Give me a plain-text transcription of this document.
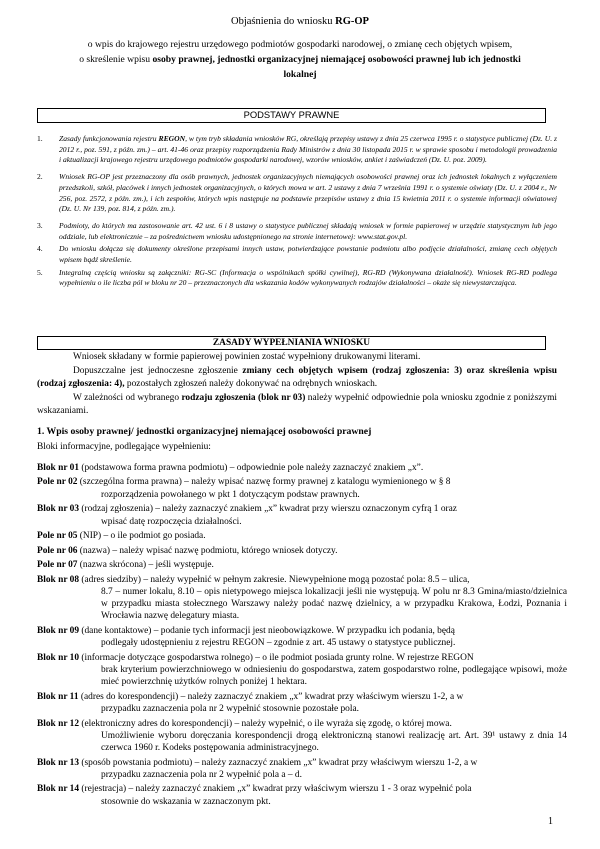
Objaśnienia do wniosku RG-OP
o wpis do krajowego rejestru urzędowego podmiotów gospodarki narodowej, o zmianę cech objętych wpisem,
o skreślenie wpisu osoby prawnej, jednostki organizacyjnej niemającej osobowości prawnej lub ich jednostki
lokalnej
PODSTAWY PRAWNE
1. Zasady funkcjonowania rejestru REGON, w tym tryb składania wniosków RG, określają przepisy ustawy z dnia 25 czerwca 1995 r. o statystyce publicznej (Dz. U. z 2012 r., poz. 591, z późn. zm.) – art. 41-46 oraz przepisy rozporządzenia Rady Ministrów z dnia 30 listopada 2015 r. w sprawie sposobu i metodologii prowadzenia i aktualizacji krajowego rejestru urzędowego podmiotów gospodarki narodowej, wzorów wniosków, ankiet i zaświadczeń (Dz. U. poz. 2009).
2. Wniosek RG-OP jest przeznaczony dla osób prawnych, jednostek organizacyjnych niemających osobowości prawnej oraz ich jednostek lokalnych z wyłączeniem przedszkoli, szkół, placówek i innych jednostek organizacyjnych, o których mowa w art. 2 ustawy z dnia 7 września 1991 r. o systemie oświaty (Dz. U. z 2004 r., Nr 256, poz. 2572, z późn. zm.), i ich zespołów, których wpis następuje na podstawie przepisów ustawy z dnia 15 kwietnia 2011 r. o systemie informacji oświatowej (Dz. U. Nr 139, poz. 814, z późn. zm.).
3. Podmioty, do których ma zastosowanie art. 42 ust. 6 i 8 ustawy o statystyce publicznej składają wniosek w formie papierowej w urzędzie statystycznym lub jego oddziale, lub elektronicznie – za pośrednictwem wniosku udostępnionego na stronie internetowej: www.stat.gov.pl.
4. Do wniosku dołącza się dokumenty określone przepisami innych ustaw, potwierdzające powstanie podmiotu albo podjęcie działalności, zmianę cech objętych wpisem bądź skreślenie.
5. Integralną częścią wniosku są załączniki: RG-SC (Informacja o wspólnikach spółki cywilnej), RG-RD (Wykonywana działalność). Wniosek RG-RD podlega wypełnieniu o ile liczba pól w bloku nr 20 – przeznaczonych dla wskazania kodów wykonywanych rodzajów działalności – okaże się niewystarczająca.
ZASADY WYPEŁNIANIA WNIOSKU

Wniosek składany w formie papierowej powinien zostać wypełniony drukowanymi literami.

Dopuszczalne jest jednoczesne zgłoszenie zmiany cech objętych wpisem (rodzaj zgłoszenia: 3) oraz skreślenia wpisu (rodzaj zgłoszenia: 4), pozostałych zgłoszeń należy dokonywać na odrębnych wnioskach.

W zależności od wybranego rodzaju zgłoszenia (blok nr 03) należy wypełnić odpowiednie pola wniosku zgodnie z poniższymi wskazaniami.

1. Wpis osoby prawnej/ jednostki organizacyjnej niemającej osobowości prawnej
Bloki informacyjne, podlegające wypełnieniu:
Blok nr 01 (podstawowa forma prawna podmiotu) – odpowiednie pole należy zaznaczyć znakiem „x”.
Pole nr 02 (szczególna forma prawna) – należy wpisać nazwę formy prawnej z katalogu wymienionego w § 8
rozporządzenia powołanego w pkt 1 dotyczącym podstaw prawnych.
Blok nr 03 (rodzaj zgłoszenia) – należy zaznaczyć znakiem „x” kwadrat przy wierszu oznaczonym cyfrą 1 oraz
wpisać datę rozpoczęcia działalności.
Pole nr 05 (NIP) – o ile podmiot go posiada.
Pole nr 06 (nazwa) – należy wpisać nazwę podmiotu, którego wniosek dotyczy.
Pole nr 07 (nazwa skrócona) – jeśli występuje.
Blok nr 08 (adres siedziby) – należy wypełnić w pełnym zakresie. Niewypełnione mogą pozostać pola: 8.5 – ulica,
8.7 – numer lokalu, 8.10 – opis nietypowego miejsca lokalizacji jeśli nie występują. W polu nr 8.3 Gmina/miasto/dzielnica w przypadku miasta stołecznego Warszawy należy podać nazwę dzielnicy, a w przypadku Krakowa, Łodzi, Poznania i Wrocławia nazwę delegatury miasta.
Blok nr 09 (dane kontaktowe) – podanie tych informacji jest nieobowiązkowe. W przypadku ich podania, będą
podlegały udostępnieniu z rejestru REGON – zgodnie z art. 45 ustawy o statystyce publicznej.
Blok nr 10 (informacje dotyczące gospodarstwa rolnego) – o ile podmiot posiada grunty rolne. W rejestrze REGON
brak kryterium powierzchniowego w odniesieniu do gospodarstwa, zatem gospodarstwo rolne, podlegające wpisowi, może mieć powierzchnię użytków rolnych poniżej 1 hektara.
Blok nr 11 (adres do korespondencji) – należy zaznaczyć znakiem „x” kwadrat przy właściwym wierszu 1-2, a w
przypadku zaznaczenia pola nr 2 wypełnić stosownie pozostałe pola.
Blok nr 12 (elektroniczny adres do korespondencji) – należy wypełnić, o ile wyraża się zgodę, o której mowa.
Umożliwienie wyboru doręczania korespondencji drogą elektroniczną stanowi realizację art. Art. 39¹ ustawy z dnia 14 czerwca 1960 r. Kodeks postępowania administracyjnego.
Blok nr 13 (sposób powstania podmiotu) – należy zaznaczyć znakiem „x” kwadrat przy właściwym wierszu 1-2, a w
przypadku zaznaczenia pola nr 2 wypełnić pola a – d.
Blok nr 14 (rejestracja) – należy zaznaczyć znakiem „x” kwadrat przy właściwym wierszu 1 - 3 oraz wypełnić pola
stosownie do wskazania w zaznaczonym pkt.
1
